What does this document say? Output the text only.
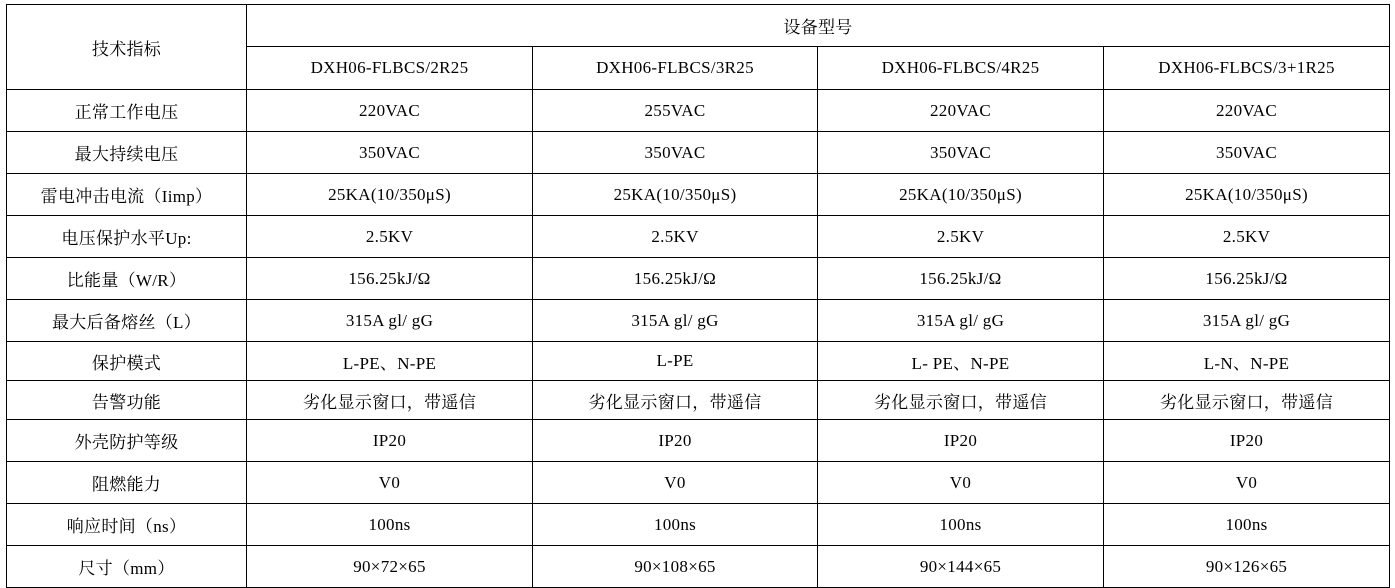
技术指标	设备型号			
	DXH06-FLBCS/2R25	DXH06-FLBCS/3R25	DXH06-FLBCS/4R25	DXH06-FLBCS/3+1R25
正常工作电压	220VAC	255VAC	220VAC	220VAC
最大持续电压	350VAC	350VAC	350VAC	350VAC
雷电冲击电流（Iimp）	25KA(10/350μS)	25KA(10/350μS)	25KA(10/350μS)	25KA(10/350μS)
电压保护水平Up:	2.5KV	2.5KV	2.5KV	2.5KV
比能量（W/R）	156.25kJ/Ω	156.25kJ/Ω	156.25kJ/Ω	156.25kJ/Ω
最大后备熔丝（L）	315A gl/ gG	315A gl/ gG	315A gl/ gG	315A gl/ gG
保护模式	L-PE、N-PE	L-PE	L- PE、N-PE	L-N、N-PE
告警功能	劣化显示窗口，带遥信	劣化显示窗口，带遥信	劣化显示窗口，带遥信	劣化显示窗口，带遥信
外壳防护等级	IP20	IP20	IP20	IP20
阻燃能力	V0	V0	V0	V0
响应时间（ns）	100ns	100ns	100ns	100ns
尺寸（mm）	90×72×65	90×108×65	90×144×65	90×126×65
